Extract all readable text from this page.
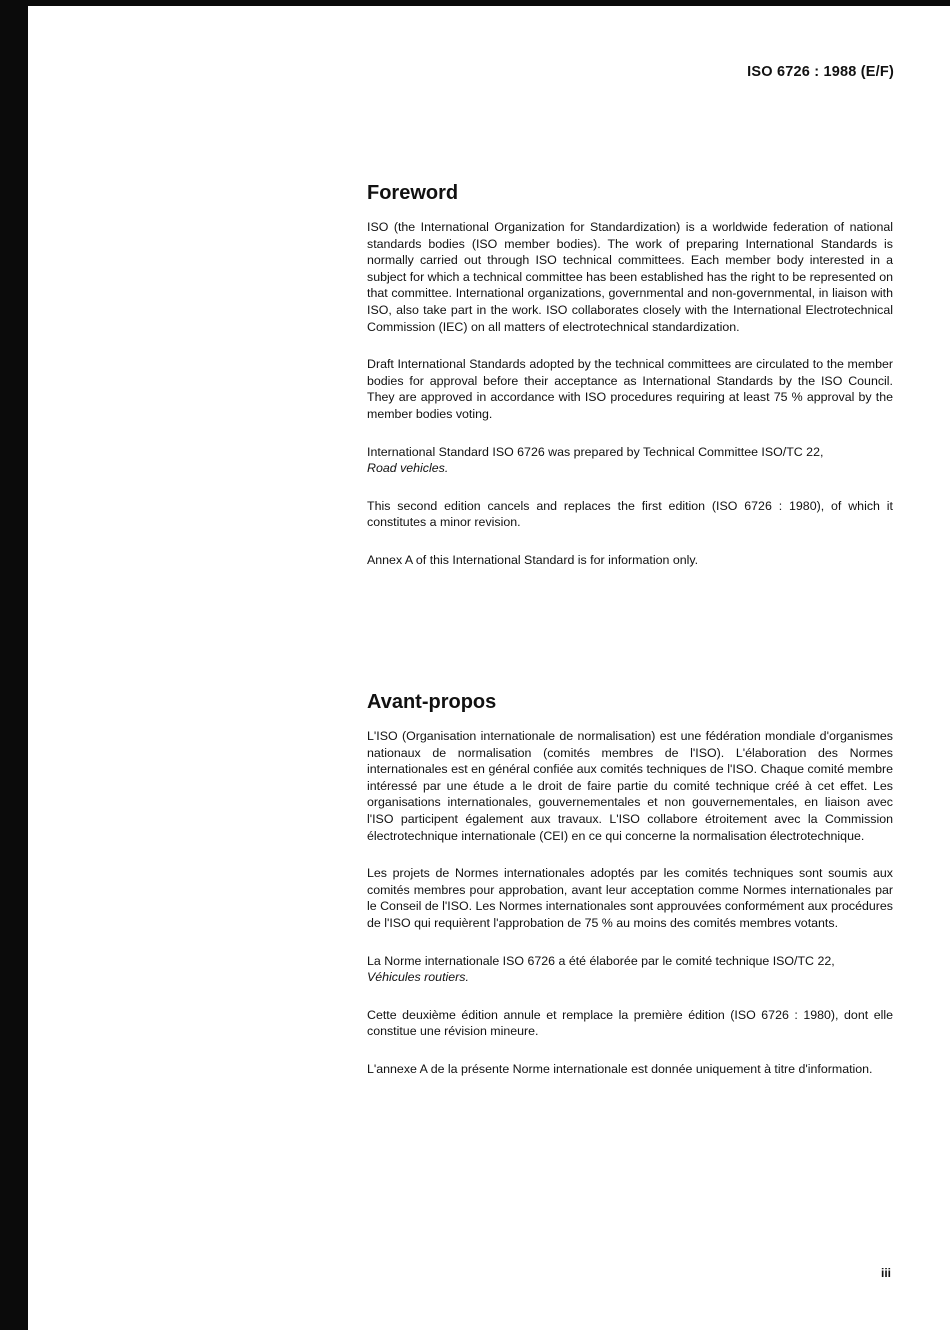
ISO 6726 : 1988 (E/F)
Foreword

ISO (the International Organization for Standardization) is a worldwide federation of national standards bodies (ISO member bodies). The work of preparing International Standards is normally carried out through ISO technical committees. Each member body interested in a subject for which a technical committee has been established has the right to be represented on that committee. International organizations, governmental and non-governmental, in liaison with ISO, also take part in the work. ISO collaborates closely with the International Electrotechnical Commission (IEC) on all matters of electrotechnical standardization.

Draft International Standards adopted by the technical committees are circulated to the member bodies for approval before their acceptance as International Standards by the ISO Council. They are approved in accordance with ISO procedures requiring at least 75 % approval by the member bodies voting.

International Standard ISO 6726 was prepared by Technical Committee ISO/TC 22,
Road vehicles.

This second edition cancels and replaces the first edition (ISO 6726 : 1980), of which it constitutes a minor revision.

Annex A of this International Standard is for information only.

Avant-propos

L'ISO (Organisation internationale de normalisation) est une fédération mondiale d'organismes nationaux de normalisation (comités membres de l'ISO). L'élaboration des Normes internationales est en général confiée aux comités techniques de l'ISO. Chaque comité membre intéressé par une étude a le droit de faire partie du comité technique créé à cet effet. Les organisations internationales, gouvernementales et non gouvernementales, en liaison avec l'ISO participent également aux travaux. L'ISO collabore étroitement avec la Commission électrotechnique internationale (CEI) en ce qui concerne la normalisation électrotechnique.

Les projets de Normes internationales adoptés par les comités techniques sont soumis aux comités membres pour approbation, avant leur acceptation comme Normes internationales par le Conseil de l'ISO. Les Normes internationales sont approuvées conformément aux procédures de l'ISO qui requièrent l'approbation de 75 % au moins des comités membres votants.

La Norme internationale ISO 6726 a été élaborée par le comité technique ISO/TC 22,
Véhicules routiers.

Cette deuxième édition annule et remplace la première édition (ISO 6726 : 1980), dont elle constitue une révision mineure.

L'annexe A de la présente Norme internationale est donnée uniquement à titre d'information.

iii
